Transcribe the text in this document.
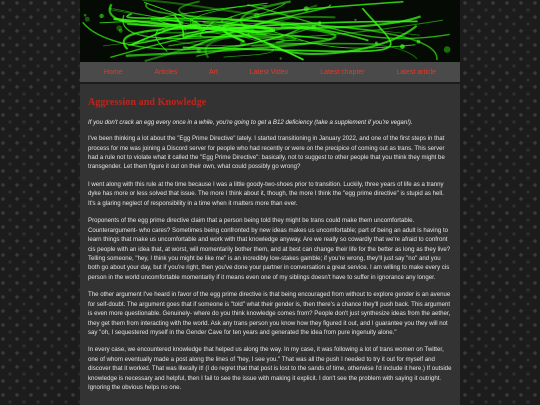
Home	Articles	Art	Latest Video	Latest chapter	Latest article
Aggression and Knowledge

If you don't crack an egg every once in a while, you're going to get a B12 deficiency (take a supplement if you're vegan!).

I've been thinking a lot about the "Egg Prime Directive" lately. I started transitioning in January 2022, and one of the first steps in that process for me was joining a Discord server for people who had recently or were on the precipice of coming out as trans. This server had a rule not to violate what it called the "Egg Prime Directive": basically, not to suggest to other people that you think they might be transgender. Let them figure it out on their own, what could possibly go wrong?

I went along with this rule at the time because I was a little goody-two-shoes prior to transition. Luckily, three years of life as a tranny dyke has more or less solved that issue. The more I think about it, though, the more I think the "egg prime directive" is stupid as hell. It's a glaring neglect of responsibility in a time when it matters more than ever.

Proponents of the egg prime directive claim that a person being told they might be trans could make them uncomfortable. Counterargument- who cares? Sometimes being confronted by new ideas makes us uncomfortable; part of being an adult is having to learn things that make us uncomfortable and work with that knowledge anyway. Are we really so cowardly that we're afraid to confront cis people with an idea that, at worst, will momentarily bother them, and at best can change their life for the better as long as they live? Telling someone, "hey, I think you might be like me" is an incredibly low-stakes gamble; if you're wrong, they'll just say "no" and you both go about your day, but if you're right, then you've done your partner in conversation a great service. I am willing to make every cis person in the world uncomfortable momentarily if it means even one of my siblings doesn't have to suffer in ignorance any longer.

The other argument I've heard in favor of the egg prime directive is that being encouraged from without to explore gender is an avenue for self-doubt. The argument goes that if someone is "told" what their gender is, then there's a chance they'll push back. This argument is even more questionable. Genuinely- where do you think knowledge comes from? People don't just synthesize ideas from the aether, they get them from interacting with the world. Ask any trans person you know how they figured it out, and I guarantee you they will not say "oh, I sequestered myself in the Gender Cave for ten years and generated the idea from pure ingenuity alone."

In every case, we encountered knowledge that helped us along the way. In my case, it was following a lot of trans women on Twitter, one of whom eventually made a post along the lines of "hey, I see you." That was all the push I needed to try it out for myself and discover that it worked. That was literally it! (I do regret that that post is lost to the sands of time, otherwise I'd include it here.) If outside knowledge is necessary and helpful, then I fail to see the issue with making it explicit. I don't see the problem with saying it outright. Ignoring the obvious helps no one.
